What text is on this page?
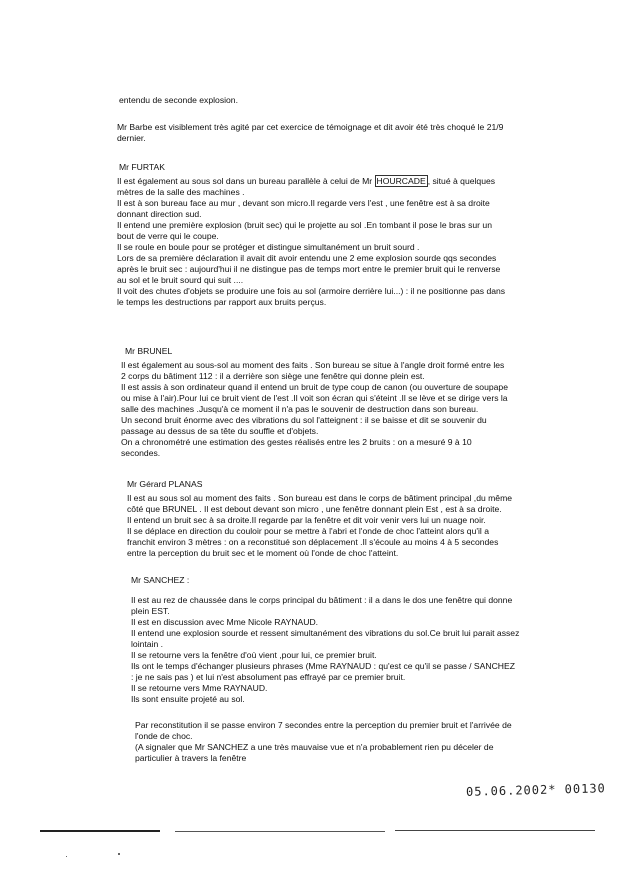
entendu de seconde explosion.
Mr Barbe est visiblement très agité par cet exercice de témoignage et dit avoir été très choqué le 21/9
dernier.
Mr FURTAK
Il est également au sous sol dans un bureau parallèle à celui de Mr HOURCADE , situé à quelques
mètres de la salle des machines .
Il est à son bureau face au mur , devant son micro.Il regarde vers l'est , une fenêtre est à sa droite
donnant direction sud.
Il entend une première explosion (bruit sec) qui le projette au sol .En tombant il pose le bras sur un
bout de verre qui le coupe.
Il se roule en boule pour se protéger et distingue simultanément un bruit sourd .
Lors de sa première déclaration il avait dit avoir entendu une 2 eme explosion sourde qqs secondes
après le bruit sec : aujourd'hui il ne distingue pas de temps mort entre le premier bruit qui le renverse
au sol et le bruit sourd qui suit ....
Il voit des chutes d'objets se produire une fois au sol (armoire derrière lui...) : il ne positionne pas dans
le temps les destructions par rapport aux bruits perçus.
Mr BRUNEL
Il est également au sous-sol au moment des faits . Son bureau se situe à l'angle droit formé entre les
2 corps du bâtiment 112 : il a derrière son siège une fenêtre qui donne plein est.
Il est assis à son ordinateur quand il entend un bruit de type coup de canon (ou ouverture de soupape
ou mise à l'air).Pour lui ce bruit vient de l'est .Il voit son écran qui s'éteint .Il se lève et se dirige vers la
salle des machines .Jusqu'à ce moment il n'a pas le souvenir de destruction dans son bureau.
Un second bruit énorme avec des vibrations du sol l'atteignent : il se baisse et dit se souvenir du
passage au dessus de sa tête du souffle et d'objets.
On a chronométré une estimation des gestes réalisés entre les 2 bruits : on a mesuré 9 à 10
secondes.
Mr Gérard PLANAS
Il est au sous sol au moment des faits . Son bureau est dans le corps de bâtiment principal ,du même
côté que BRUNEL . Il est debout devant son micro , une fenêtre donnant plein Est , est à sa droite.
Il entend un bruit sec à sa droite.Il regarde par la fenêtre et dit voir venir vers lui un nuage noir.
Il se déplace en direction du couloir pour se mettre à l'abri et l'onde de choc l'atteint alors qu'il a
franchit environ 3 mètres : on a reconstitué son déplacement .Il s'écoule au moins 4 à 5 secondes
entre la perception du bruit sec et le moment où l'onde de choc l'atteint.
Mr SANCHEZ :
Il est au rez de chaussée dans le corps principal du bâtiment : il a dans le dos une fenêtre qui donne
plein EST.
Il est en discussion avec Mme Nicole RAYNAUD.
Il entend une explosion sourde et ressent simultanément des vibrations du sol.Ce bruit lui parait assez
lointain .
Il se retourne vers la fenêtre d'où vient ,pour lui, ce premier bruit.
Ils ont le temps d'échanger plusieurs phrases (Mme RAYNAUD : qu'est ce qu'il se passe / SANCHEZ
: je ne sais pas ) et lui n'est absolument pas effrayé par ce premier bruit.
Il se retourne vers Mme RAYNAUD.
Ils sont ensuite projeté au sol.
Par reconstitution il se passe environ 7 secondes entre la perception du premier bruit et l'arrivée de
l'onde de choc.
(A signaler que Mr SANCHEZ a une très mauvaise vue et n'a probablement rien pu déceler de
particulier à travers la fenêtre
05.06.2002* 00130
